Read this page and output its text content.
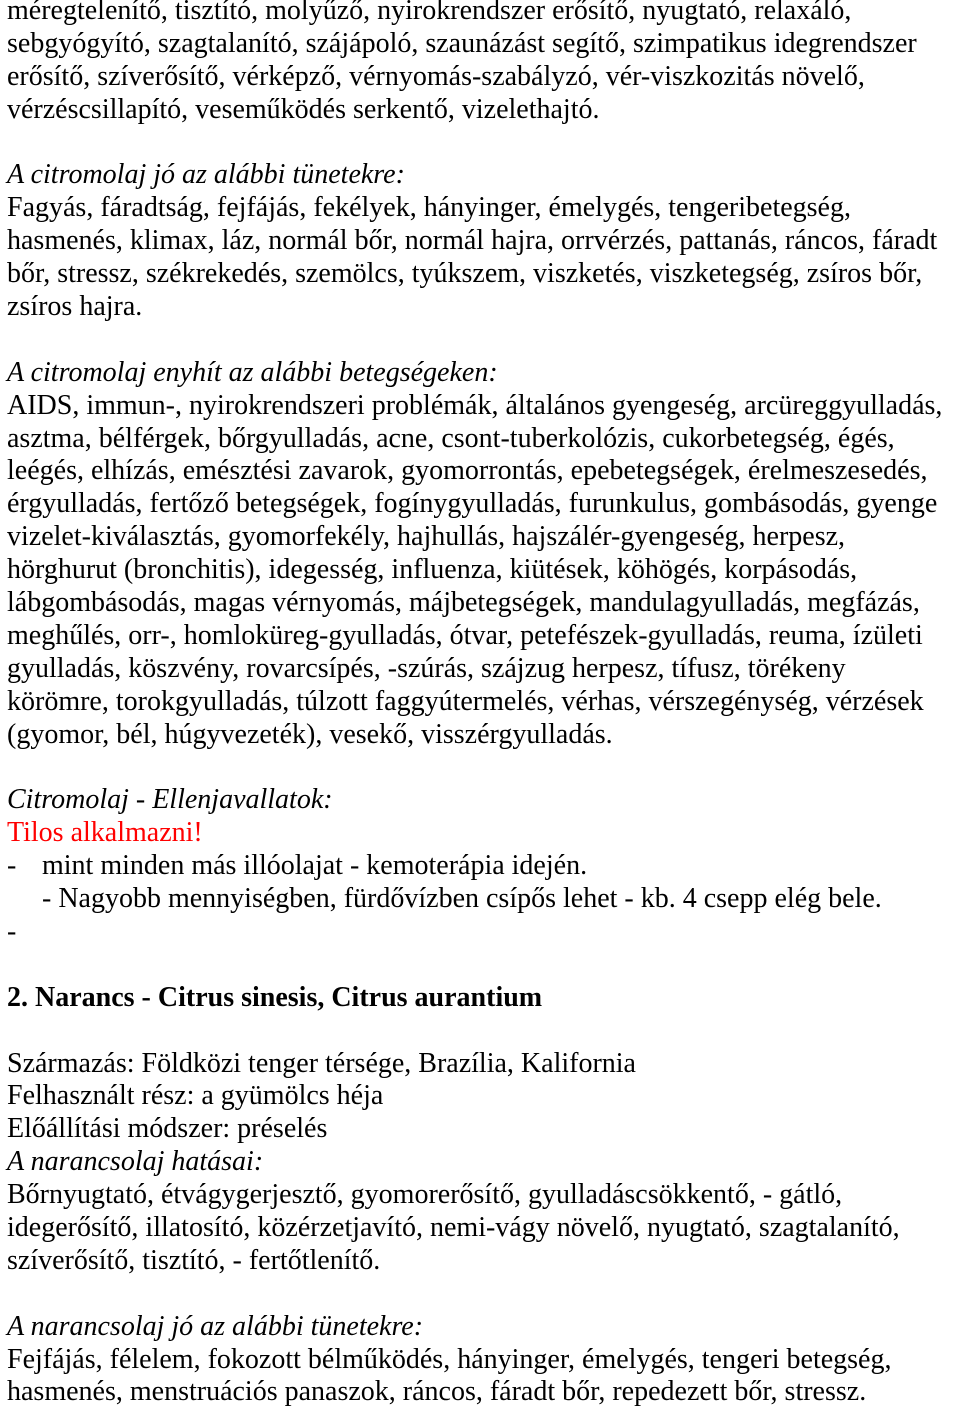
méregtelenítő, tisztító, molyűző, nyirokrendszer erősítő, nyugtató, relaxáló,
sebgyógyító, szagtalanító, szájápoló, szaunázást segítő, szimpatikus idegrendszer
erősítő, szíverősítő, vérképző, vérnyomás-szabályzó, vér-viszkozitás növelő,
vérzéscsillapító, veseműködés serkentő, vizelethajtó.
A citromolaj jó az alábbi tünetekre:
Fagyás, fáradtság, fejfájás, fekélyek, hányinger, émelygés, tengeribetegség,
hasmenés, klimax, láz, normál bőr, normál hajra, orrvérzés, pattanás, ráncos, fáradt
bőr, stressz, székrekedés, szemölcs, tyúkszem, viszketés, viszketegség, zsíros bőr,
zsíros hajra.
A citromolaj enyhít az alábbi betegségeken:
AIDS, immun-, nyirokrendszeri problémák, általános gyengeség, arcüreggyulladás,
asztma, bélférgek, bőrgyulladás, acne, csont-tuberkolózis, cukorbetegség, égés,
leégés, elhízás, emésztési zavarok, gyomorrontás, epebetegségek, érelmeszesedés,
érgyulladás, fertőző betegségek, fogínygyulladás, furunkulus, gombásodás, gyenge
vizelet-kiválasztás, gyomorfekély, hajhullás, hajszálér-gyengeség, herpesz,
hörghurut (bronchitis), idegesség, influenza, kiütések, köhögés, korpásodás,
lábgombásodás, magas vérnyomás, májbetegségek, mandulagyulladás, megfázás,
meghűlés, orr-, homloküreg-gyulladás, ótvar, petefészek-gyulladás, reuma, ízületi
gyulladás, köszvény, rovarcsípés, -szúrás, szájzug herpesz, tífusz, törékeny
körömre, torokgyulladás, túlzott faggyútermelés, vérhas, vérszegénység, vérzések
(gyomor, bél, húgyvezeték), vesekő, visszérgyulladás.
Citromolaj - Ellenjavallatok:
Tilos alkalmazni!
- mint minden más illóolajat - kemoterápia idején.
- Nagyobb mennyiségben, fürdővízben csípős lehet - kb. 4 csepp elég bele.
-
2. Narancs - Citrus sinesis, Citrus aurantium
Származás: Földközi tenger térsége, Brazília, Kalifornia
Felhasznált rész: a gyümölcs héja
Előállítási módszer: préselés
A narancsolaj hatásai:
Bőrnyugtató, étvágygerjesztő, gyomorerősítő, gyulladáscsökkentő, - gátló,
idegerősítő, illatosító, közérzetjavító, nemi-vágy növelő, nyugtató, szagtalanító,
szíverősítő, tisztító, - fertőtlenítő.
A narancsolaj jó az alábbi tünetekre:
Fejfájás, félelem, fokozott bélműködés, hányinger, émelygés, tengeri betegség,
hasmenés, menstruációs panaszok, ráncos, fáradt bőr, repedezett bőr, stressz.
